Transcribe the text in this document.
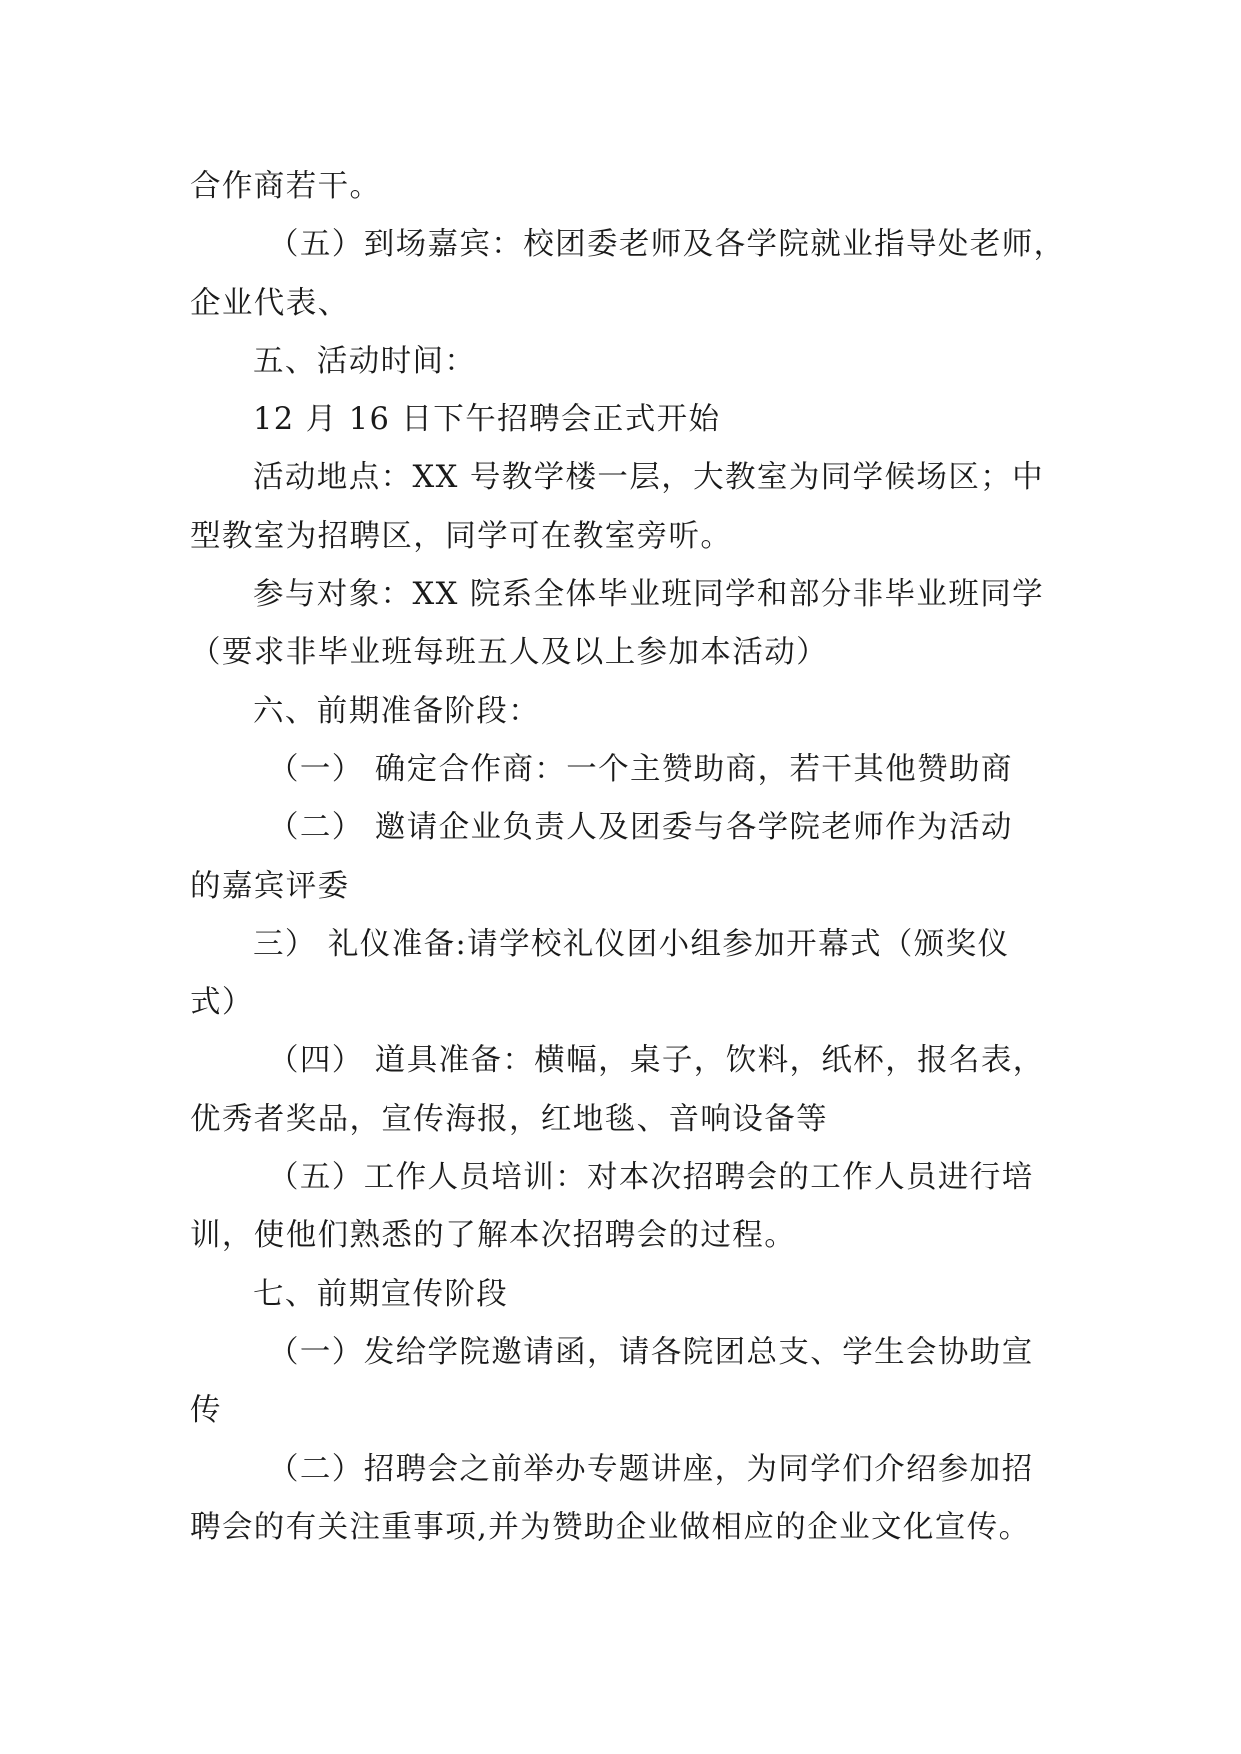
合作商若干。
（五）到场嘉宾：校团委老师及各学院就业指导处老师，
企业代表、
五、活动时间：
12 月 16 日下午招聘会正式开始
活动地点：XX 号教学楼一层，大教室为同学候场区；中
型教室为招聘区，同学可在教室旁听。
参与对象：XX 院系全体毕业班同学和部分非毕业班同学
（要求非毕业班每班五人及以上参加本活动）
六、前期准备阶段：
（一） 确定合作商：一个主赞助商，若干其他赞助商
（二） 邀请企业负责人及团委与各学院老师作为活动
的嘉宾评委
三） 礼仪准备:请学校礼仪团小组参加开幕式（颁奖仪
式）
（四） 道具准备：横幅，桌子，饮料，纸杯，报名表，
优秀者奖品，宣传海报，红地毯、音响设备等
（五）工作人员培训：对本次招聘会的工作人员进行培
训，使他们熟悉的了解本次招聘会的过程。
七、前期宣传阶段
（一）发给学院邀请函，请各院团总支、学生会协助宣
传
（二）招聘会之前举办专题讲座，为同学们介绍参加招
聘会的有关注重事项,并为赞助企业做相应的企业文化宣传。
